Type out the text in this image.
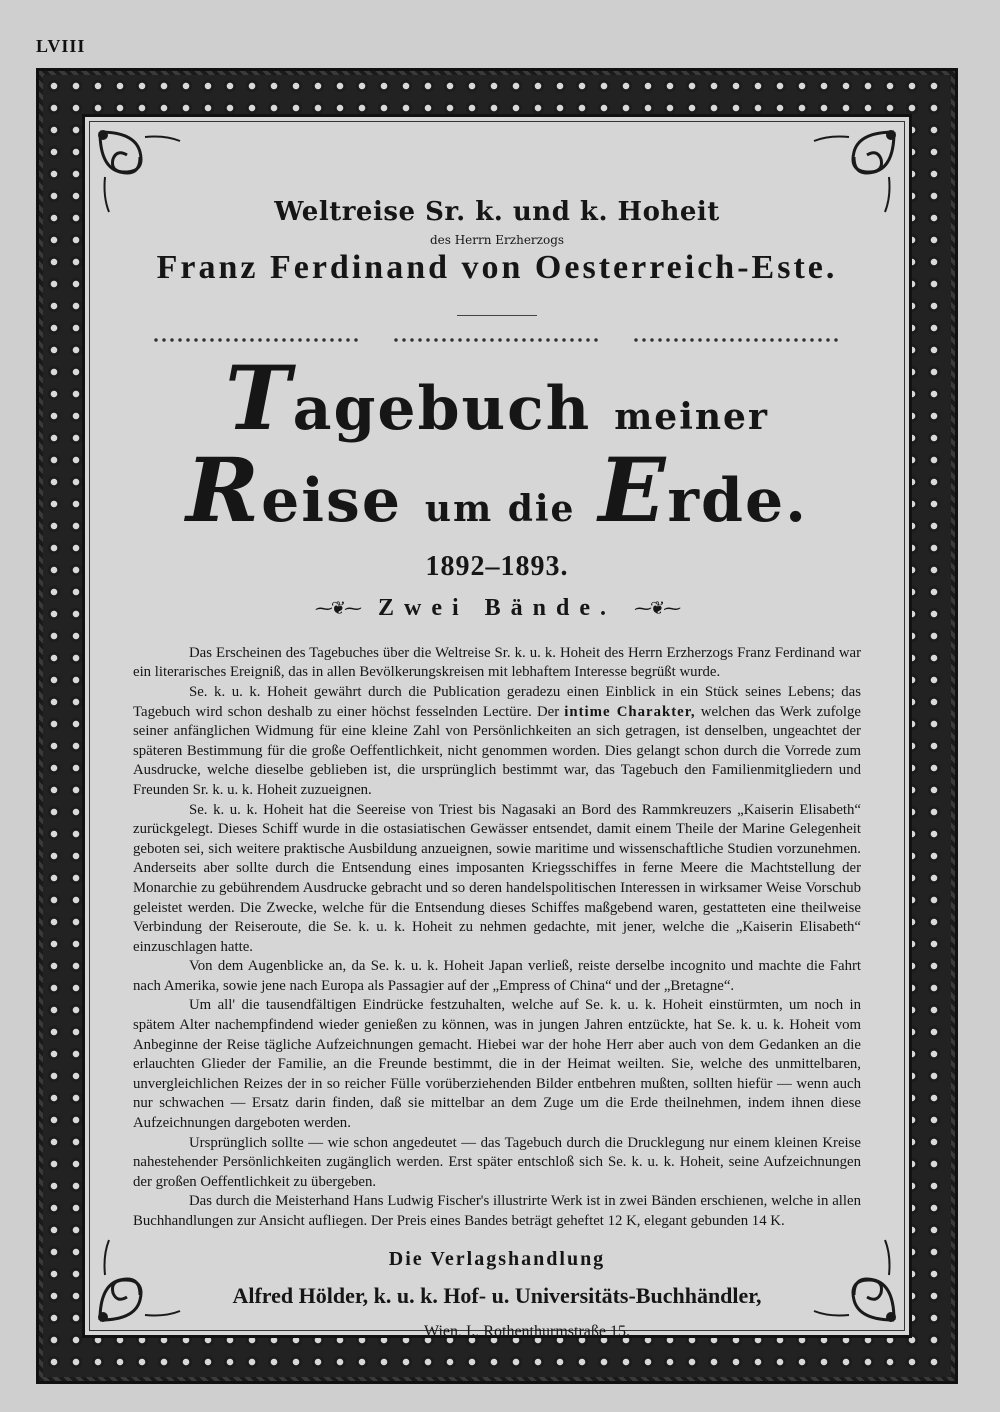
LVIII
Weltreise Sr. k. und k. Hoheit
des Herrn Erzherzogs
Franz Ferdinand von Oesterreich-Este.
Tagebuch meiner Reise um die Erde.
1892–1893.
⁓❦⁓ Zwei Bände. ⁓❦⁓

Das Erscheinen des Tagebuches über die Weltreise Sr. k. u. k. Hoheit des Herrn Erzherzogs Franz Ferdinand war ein literarisches Ereigniß, das in allen Bevölkerungskreisen mit lebhaftem Interesse begrüßt wurde.

Se. k. u. k. Hoheit gewährt durch die Publication geradezu einen Einblick in ein Stück seines Lebens; das Tagebuch wird schon deshalb zu einer höchst fesselnden Lectüre. Der intime Charakter, welchen das Werk zufolge seiner anfänglichen Widmung für eine kleine Zahl von Persönlichkeiten an sich getragen, ist denselben, ungeachtet der späteren Bestimmung für die große Oeffentlichkeit, nicht genommen worden. Dies gelangt schon durch die Vorrede zum Ausdrucke, welche dieselbe geblieben ist, die ursprünglich bestimmt war, das Tagebuch den Familienmitgliedern und Freunden Sr. k. u. k. Hoheit zuzueignen.

Se. k. u. k. Hoheit hat die Seereise von Triest bis Nagasaki an Bord des Rammkreuzers „Kaiserin Elisabeth“ zurückgelegt. Dieses Schiff wurde in die ostasiatischen Gewässer entsendet, damit einem Theile der Marine Gelegenheit geboten sei, sich weitere praktische Ausbildung anzueignen, sowie maritime und wissenschaftliche Studien vorzunehmen. Anderseits aber sollte durch die Entsendung eines imposanten Kriegsschiffes in ferne Meere die Machtstellung der Monarchie zu gebührendem Ausdrucke gebracht und so deren handelspolitischen Interessen in wirksamer Weise Vorschub geleistet werden. Die Zwecke, welche für die Entsendung dieses Schiffes maßgebend waren, gestatteten eine theilweise Verbindung der Reiseroute, die Se. k. u. k. Hoheit zu nehmen gedachte, mit jener, welche die „Kaiserin Elisabeth“ einzuschlagen hatte.

Von dem Augenblicke an, da Se. k. u. k. Hoheit Japan verließ, reiste derselbe incognito und machte die Fahrt nach Amerika, sowie jene nach Europa als Passagier auf der „Empress of China“ und der „Bretagne“.

Um all' die tausendfältigen Eindrücke festzuhalten, welche auf Se. k. u. k. Hoheit einstürmten, um noch in spätem Alter nachempfindend wieder genießen zu können, was in jungen Jahren entzückte, hat Se. k. u. k. Hoheit vom Anbeginne der Reise tägliche Aufzeichnungen gemacht. Hiebei war der hohe Herr aber auch von dem Gedanken an die erlauchten Glieder der Familie, an die Freunde bestimmt, die in der Heimat weilten. Sie, welche des unmittelbaren, unvergleichlichen Reizes der in so reicher Fülle vorüberziehenden Bilder entbehren mußten, sollten hiefür — wenn auch nur schwachen — Ersatz darin finden, daß sie mittelbar an dem Zuge um die Erde theilnehmen, indem ihnen diese Aufzeichnungen dargeboten werden.

Ursprünglich sollte — wie schon angedeutet — das Tagebuch durch die Drucklegung nur einem kleinen Kreise nahestehender Persönlichkeiten zugänglich werden. Erst später entschloß sich Se. k. u. k. Hoheit, seine Aufzeichnungen der großen Oeffentlichkeit zu übergeben.

Das durch die Meisterhand Hans Ludwig Fischer's illustrirte Werk ist in zwei Bänden erschienen, welche in allen Buchhandlungen zur Ansicht aufliegen. Der Preis eines Bandes beträgt geheftet 12 K, elegant gebunden 14 K.

Die Verlagshandlung
Alfred Hölder, k. u. k. Hof- u. Universitäts-Buchhändler,
Wien, I., Rothenthurmstraße 15.
